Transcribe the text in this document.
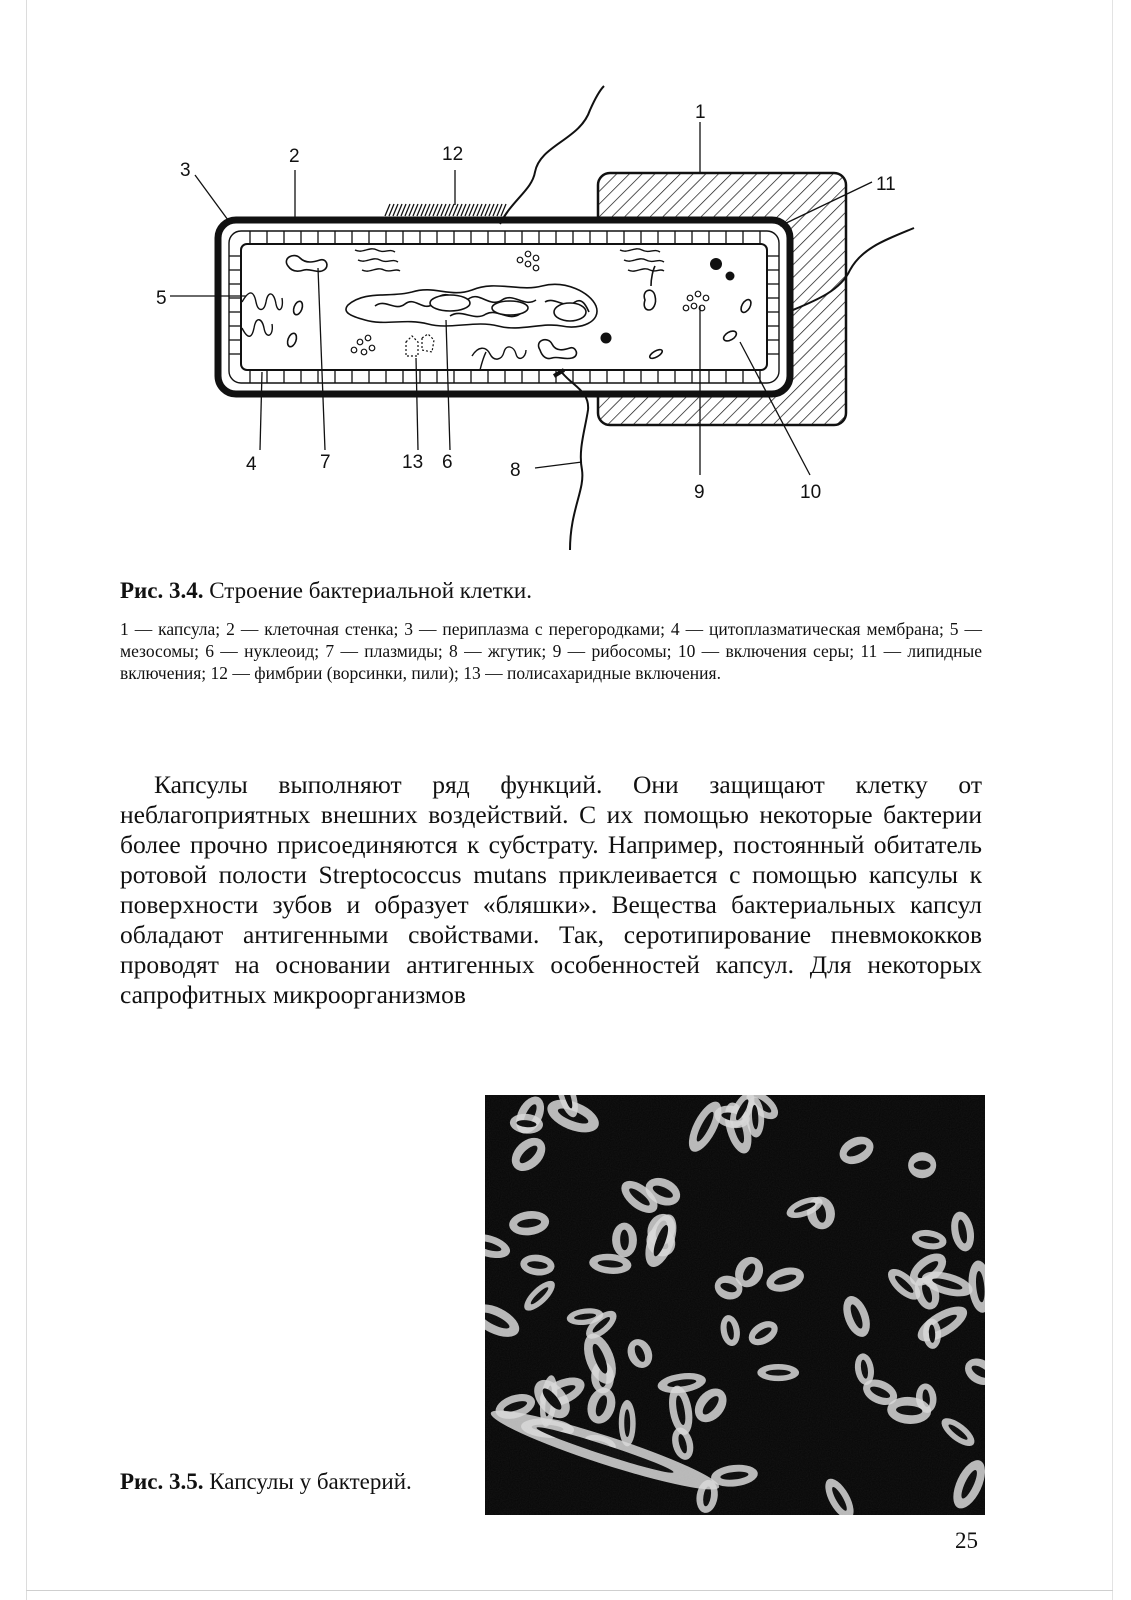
1
2
3
4
5
6
7	8
9	10
11
12
13
Рис. 3.4. Строение бактериальной клетки.
1 — капсула; 2 — клеточная стенка; 3 — периплазма с перегородками; 4 — цитоплазматическая мембрана; 5 — мезосомы; 6 — нуклеоид; 7 — плазмиды; 8 — жгутик; 9 — рибосомы; 10 — включения серы; 11 — липидные включения; 12 — фимбрии (ворсинки, пили); 13 — полисахаридные включения.
Капсулы выполняют ряд функций. Они защищают клетку от неблагоприятных внешних воздействий. С их помощью некоторые бактерии более прочно присоединяются к субстрату. Например, постоянный обитатель ротовой полости Streptococcus mutans приклеивается с помощью капсулы к поверхности зубов и образует «бляшки». Вещества бактериальных капсул обладают антигенными свойствами. Так, серотипирование пневмококков проводят на основании антигенных особенностей капсул. Для некоторых сапрофитных микроорганизмов
Рис. 3.5. Капсулы у бактерий.
25
